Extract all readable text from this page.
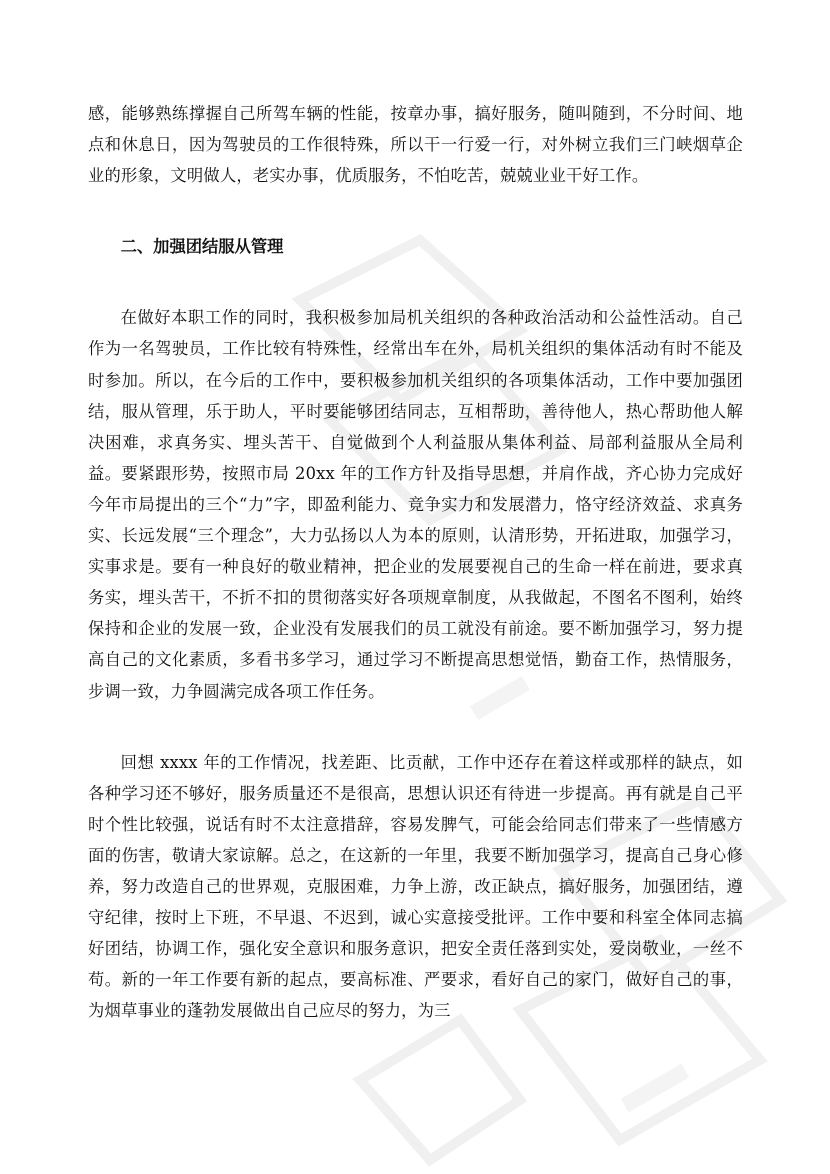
感，能够熟练撑握自己所驾车辆的性能，按章办事，搞好服务，随叫随到，不分时间、地点和休息日，因为驾驶员的工作很特殊，所以干一行爱一行，对外树立我们三门峡烟草企业的形象，文明做人，老实办事，优质服务，不怕吃苦，兢兢业业干好工作。

二、加强团结服从管理

在做好本职工作的同时，我积极参加局机关组织的各种政治活动和公益性活动。自己作为一名驾驶员，工作比较有特殊性，经常出车在外，局机关组织的集体活动有时不能及时参加。所以，在今后的工作中，要积极参加机关组织的各项集体活动，工作中要加强团结，服从管理，乐于助人，平时要能够团结同志，互相帮助，善待他人，热心帮助他人解决困难，求真务实、埋头苦干、自觉做到个人利益服从集体利益、局部利益服从全局利益。要紧跟形势，按照市局 20xx 年的工作方针及指导思想，并肩作战，齐心协力完成好今年市局提出的三个“力”字，即盈利能力、竞争实力和发展潜力，恪守经济效益、求真务实、长远发展“三个理念”，大力弘扬以人为本的原则，认清形势，开拓进取，加强学习，实事求是。要有一种良好的敬业精神，把企业的发展要视自己的生命一样在前进，要求真务实，埋头苦干，不折不扣的贯彻落实好各项规章制度，从我做起，不图名不图利，始终保持和企业的发展一致，企业没有发展我们的员工就没有前途。要不断加强学习，努力提高自己的文化素质，多看书多学习，通过学习不断提高思想觉悟，勤奋工作，热情服务，步调一致，力争圆满完成各项工作任务。

回想 xxxx 年的工作情况，找差距、比贡献，工作中还存在着这样或那样的缺点，如各种学习还不够好，服务质量还不是很高，思想认识还有待进一步提高。再有就是自己平时个性比较强，说话有时不太注意措辞，容易发脾气，可能会给同志们带来了一些情感方面的伤害，敬请大家谅解。总之，在这新的一年里，我要不断加强学习，提高自己身心修养，努力改造自己的世界观，克服困难，力争上游，改正缺点，搞好服务，加强团结，遵守纪律，按时上下班，不早退、不迟到，诚心实意接受批评。工作中要和科室全体同志搞好团结，协调工作，强化安全意识和服务意识，把安全责任落到实处，爱岗敬业，一丝不苟。新的一年工作要有新的起点，要高标准、严要求，看好自己的家门，做好自己的事，为烟草事业的蓬勃发展做出自己应尽的努力，为三
